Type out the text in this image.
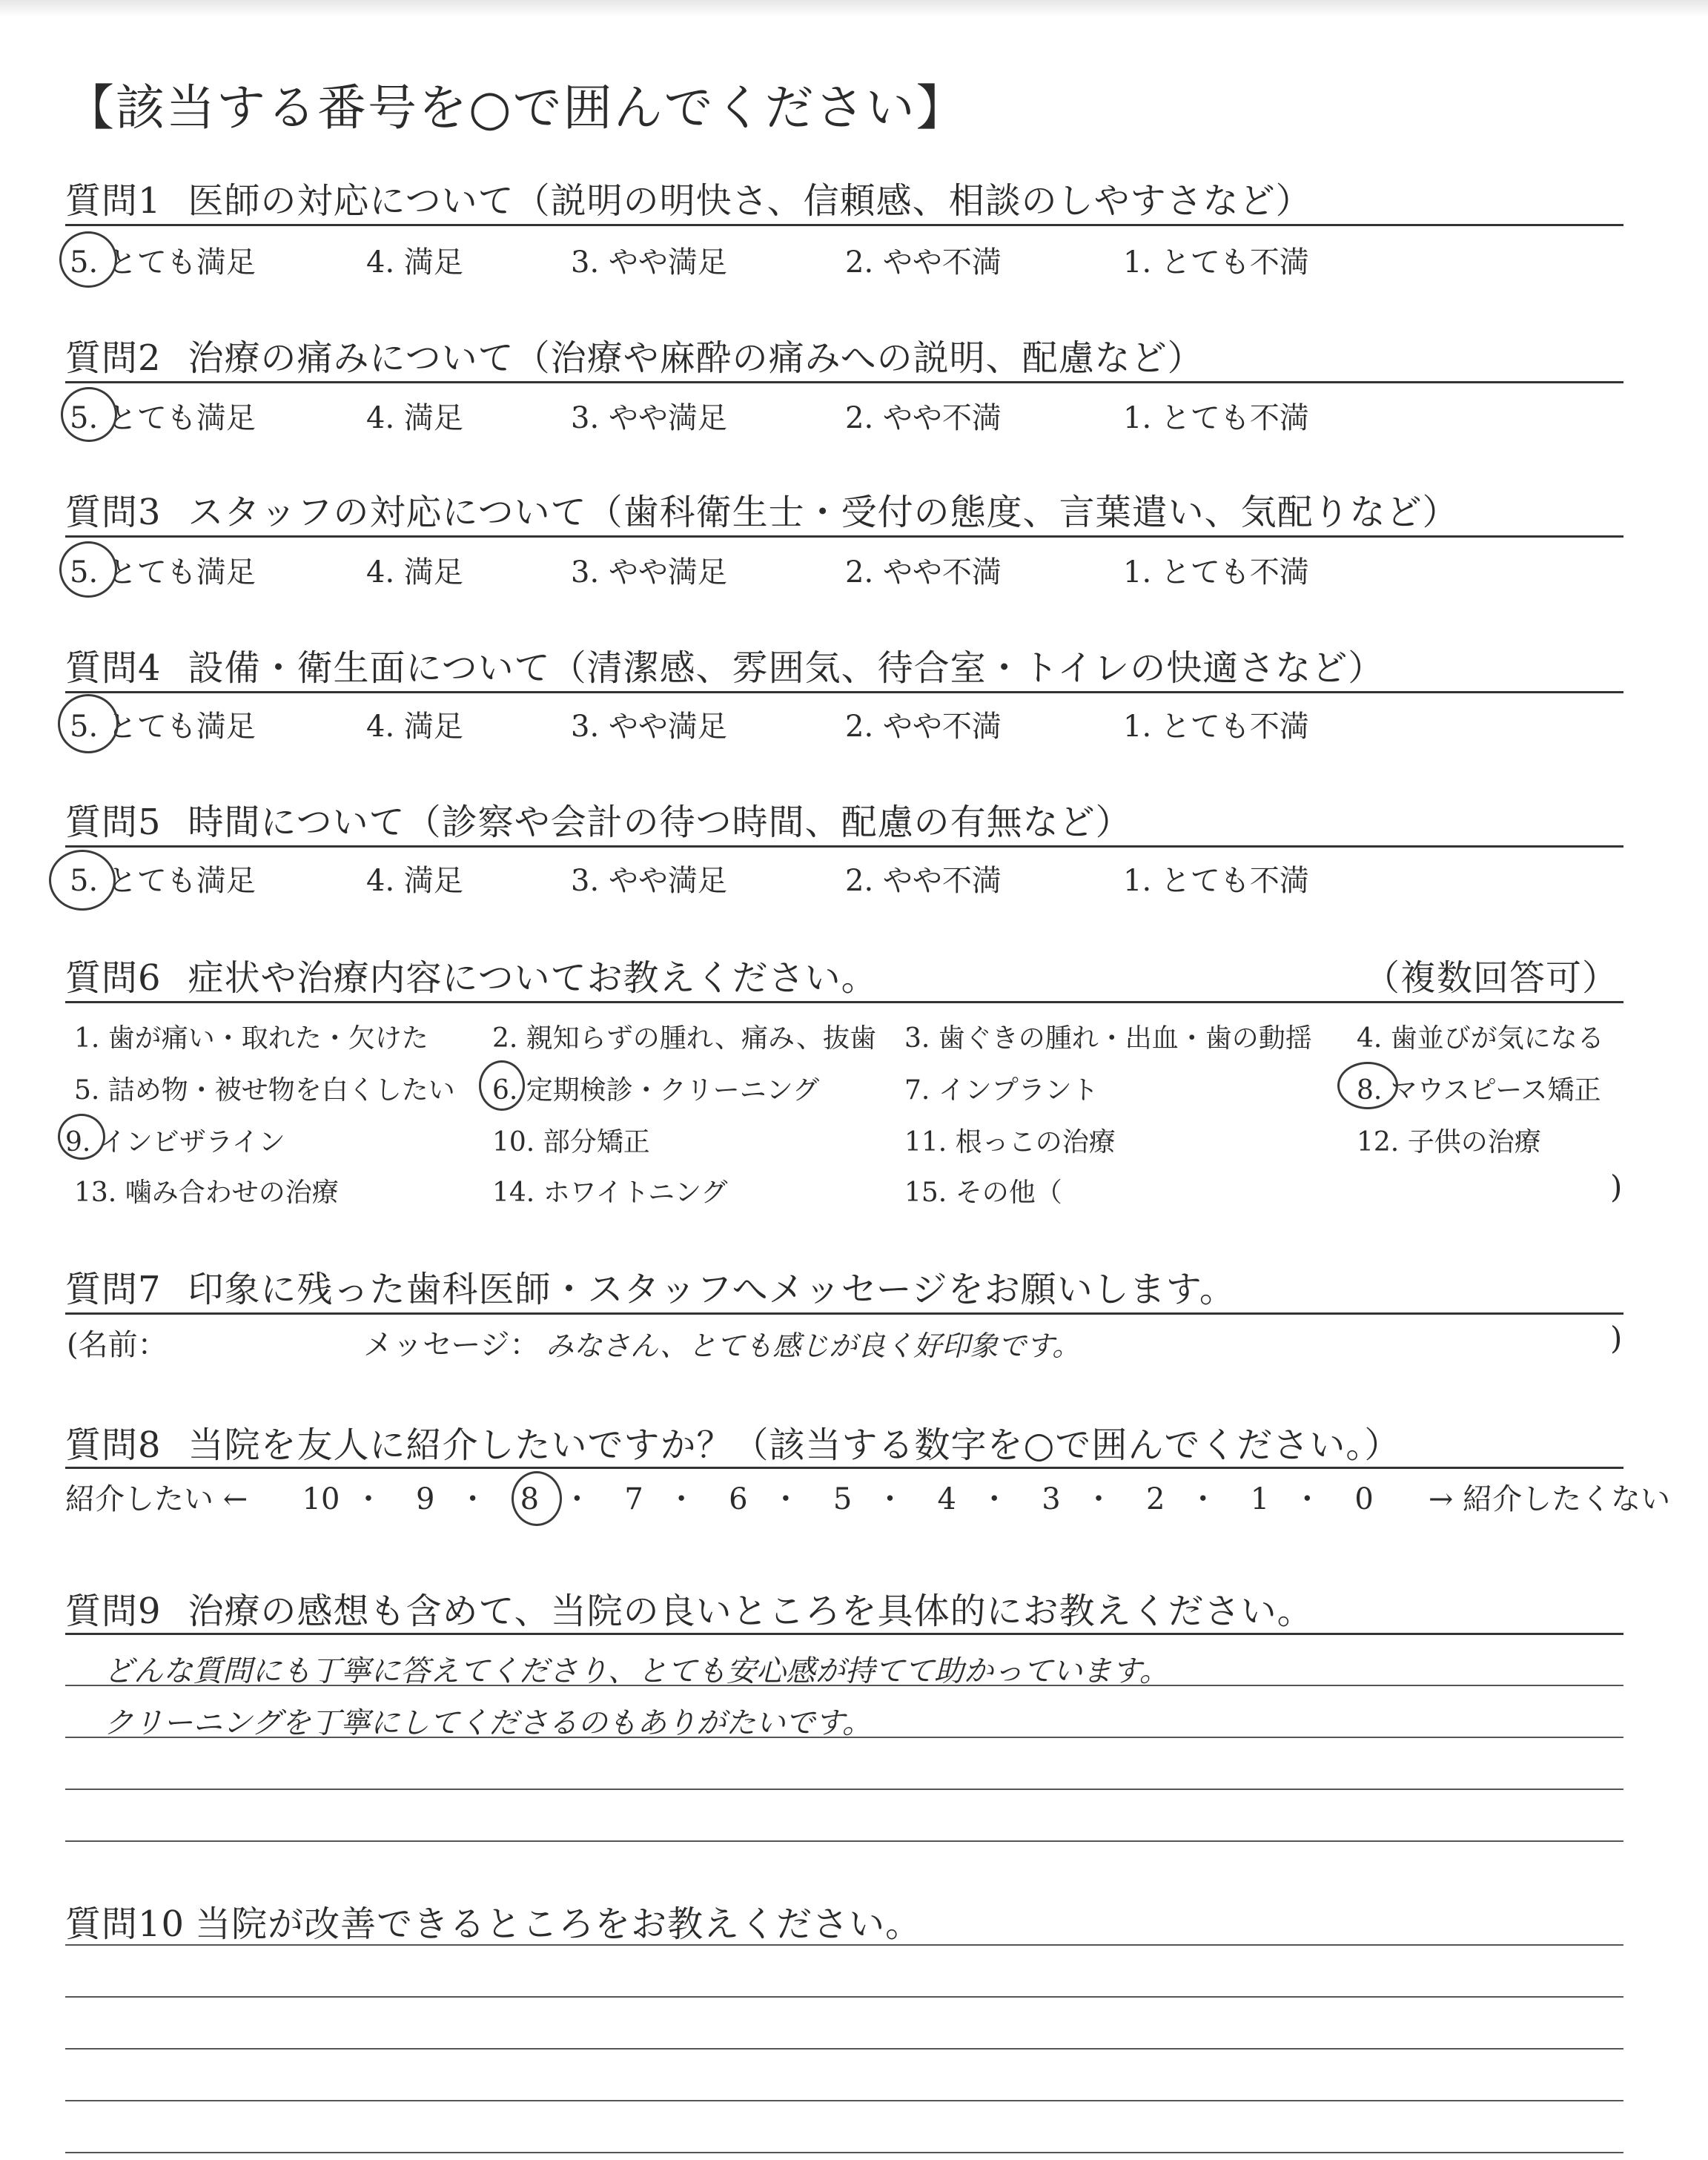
【該当する番号を○で囲んでください】
質問1 医師の対応について（説明の明快さ、信頼感、相談のしやすさなど）
5. とても満足	4. 満足	3. やや満足	2. やや不満	1. とても不満
質問2 治療の痛みについて（治療や麻酔の痛みへの説明、配慮など）
5. とても満足	4. 満足	3. やや満足	2. やや不満	1. とても不満
質問3 スタッフの対応について（歯科衛生士・受付の態度、言葉遣い、気配りなど）
5. とても満足	4. 満足	3. やや満足	2. やや不満	1. とても不満
質問4 設備・衛生面について（清潔感、雰囲気、待合室・トイレの快適さなど）
5. とても満足	4. 満足	3. やや満足	2. やや不満	1. とても不満
質問5 時間について（診察や会計の待つ時間、配慮の有無など）
5. とても満足	4. 満足	3. やや満足	2. やや不満	1. とても不満
質問6 症状や治療内容についてお教えください。	（複数回答可）
1. 歯が痛い・取れた・欠けた 2. 親知らずの腫れ、痛み、抜歯 3. 歯ぐきの腫れ・出血・歯の動揺 4. 歯並びが気になる
5. 詰め物・被せ物を白くしたい 6. 定期検診・クリーニング	7. インプラント	8. マウスピース矯正
9. インビザライン	10. 部分矯正	11. 根っこの治療	12. 子供の治療
13. 噛み合わせの治療	14. ホワイトニング	15. その他（	)
質問7 印象に残った歯科医師・スタッフへメッセージをお願いします。
(名前：	メッセージ： みなさん、とても感じが良く好印象です。	)
質問8 当院を友人に紹介したいですか？（該当する数字を○で囲んでください。）
紹介したい ← 10 ・ 9 ・ 8 ・ 7 ・ 6 ・ 5 ・ 4 ・ 3 ・ 2 ・ 1 ・ 0 → 紹介したくない
質問9 治療の感想も含めて、当院の良いところを具体的にお教えください。
どんな質問にも丁寧に答えてくださり、とても安心感が持てて助かっています。
クリーニングを丁寧にしてくださるのもありがたいです。
質問10 当院が改善できるところをお教えください。
